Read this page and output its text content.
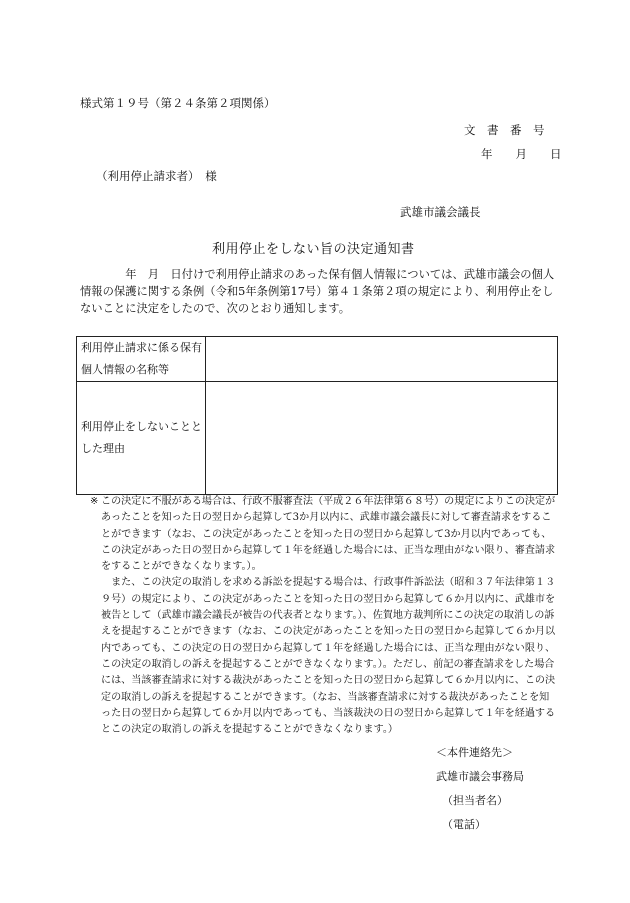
様式第１９号（第２４条第２項関係）
文　書　番　号
年　　月　　日
（利用停止請求者）　様
武雄市議会議長
利用停止をしない旨の決定通知書

年　月　日付けで利用停止請求のあった保有個人情報については、武雄市議会の個人情報の保護に関する条例（令和5年条例第17号）第４１条第２項の規定により、利用停止をしないことに決定をしたので、次のとおり通知します。

利用停止請求に係る保有個人情報の名称等	
利用停止をしないこととした理由	
※ この決定に不服がある場合は、行政不服審査法（平成２６年法律第６８号）の規定によりこの決定があったことを知った日の翌日から起算して3か月以内に、武雄市議会議長に対して審査請求をすることができます（なお、この決定があったことを知った日の翌日から起算して3か月以内であっても、この決定があった日の翌日から起算して１年を経過した場合には、正当な理由がない限り、審査請求をすることができなくなります。）。

また、この決定の取消しを求める訴訟を提起する場合は、行政事件訴訟法（昭和３７年法律第１３９号）の規定により、この決定があったことを知った日の翌日から起算して６か月以内に、武雄市を被告として（武雄市議会議長が被告の代表者となります。）、佐賀地方裁判所にこの決定の取消しの訴えを提起することができます（なお、この決定があったことを知った日の翌日から起算して６か月以内であっても、この決定の日の翌日から起算して１年を経過した場合には、正当な理由がない限り、この決定の取消しの訴えを提起することができなくなります。）。ただし、前記の審査請求をした場合には、当該審査請求に対する裁決があったことを知った日の翌日から起算して６か月以内に、この決定の取消しの訴えを提起することができます。（なお、当該審査請求に対する裁決があったことを知った日の翌日から起算して６か月以内であっても、当該裁決の日の翌日から起算して１年を経過するとこの決定の取消しの訴えを提起することができなくなります。）

＜本件連絡先＞
武雄市議会事務局
（担当者名）
（電話）
